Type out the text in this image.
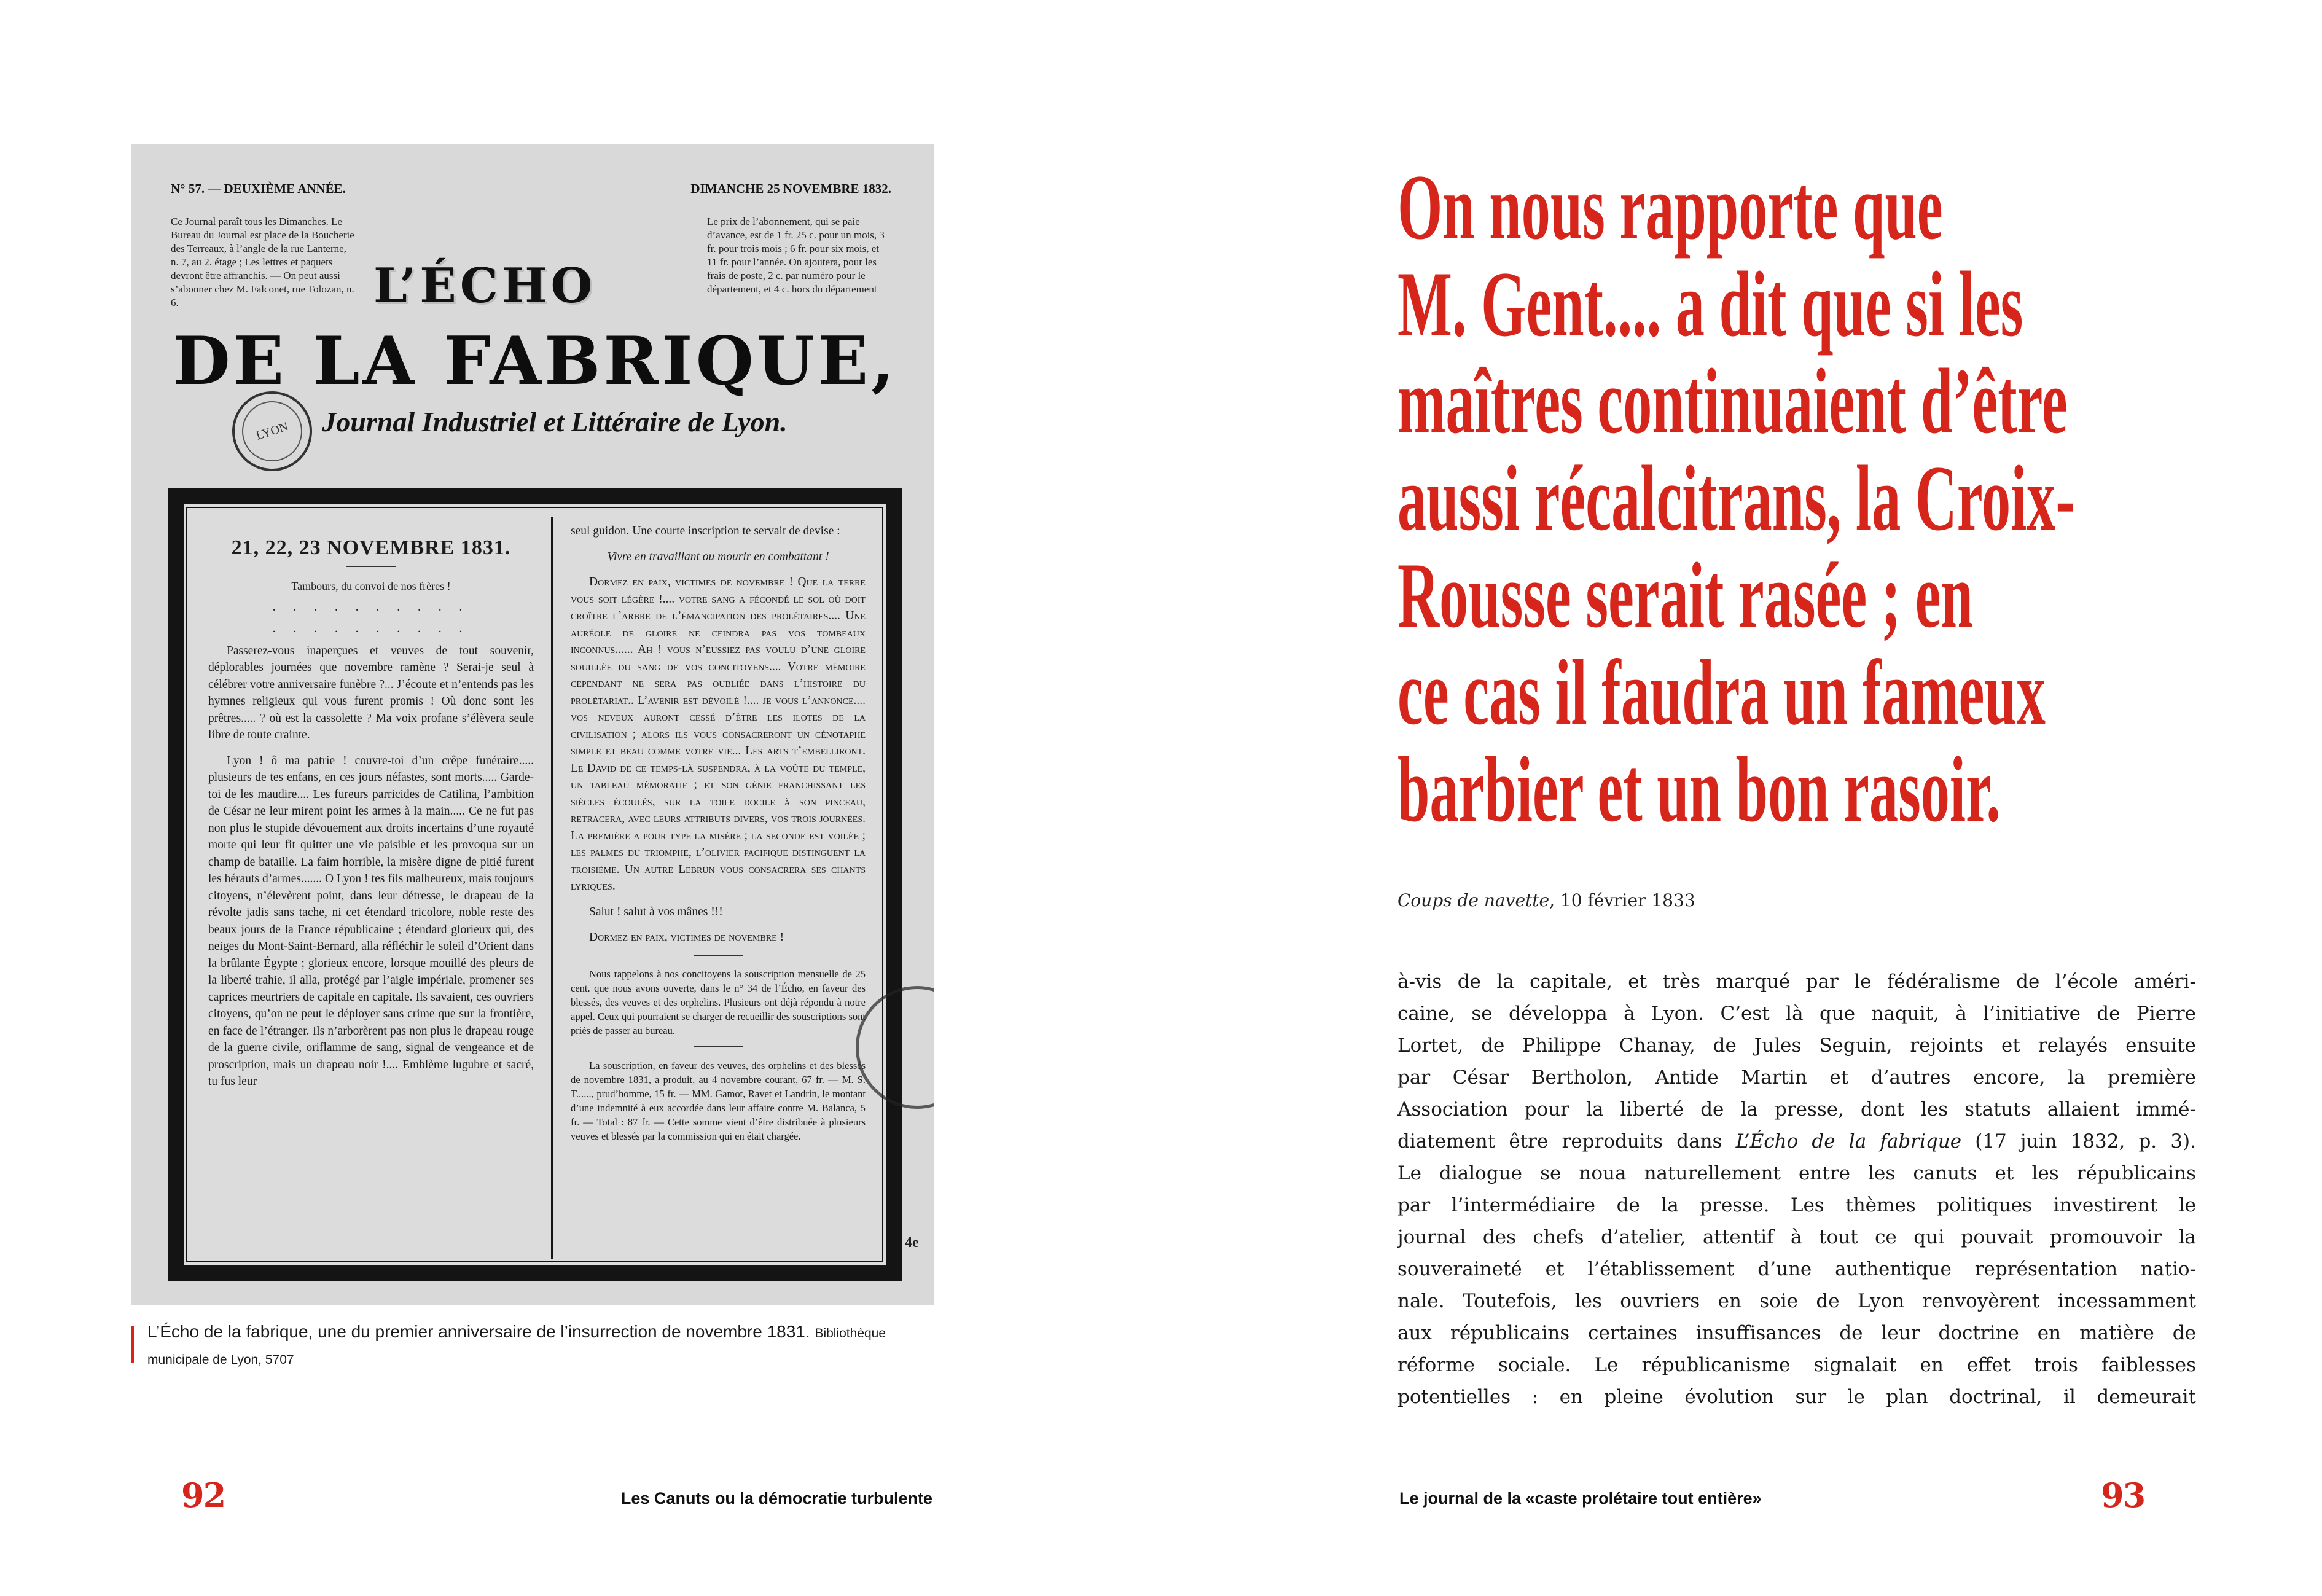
N° 57. — DEUXIÈME ANNÉE.	DIMANCHE 25 NOVEMBRE 1832.
Ce Journal paraît tous les Dimanches. Le Bureau du Journal est place de la Boucherie des Terreaux, à l’angle de la rue Lanterne, n. 7, au 2. étage ; Les lettres et paquets devront être affranchis. — On peut aussi s’abonner chez M. Falconet, rue Tolozan, n. 6.
Le prix de l’abonnement, qui se paie d’avance, est de 1 fr. 25 c. pour un mois, 3 fr. pour trois mois ; 6 fr. pour six mois, et 11 fr. pour l’année. On ajoutera, pour les frais de poste, 2 c. par numéro pour le département, et 4 c. hors du département
L’ÉCHO
DE LA FABRIQUE,
LYON	Journal Industriel et Littéraire de Lyon.

21, 22, 23 NOVEMBRE 1831.

Tambours, du convoi de nos frères !

. . . . . . . . . .

. . . . . . . . . .

Passerez-vous inaperçues et veuves de tout souvenir, déplorables journées que novembre ramène ? Serai-je seul à célébrer votre anniversaire funèbre ?... J’écoute et n’entends pas les hymnes religieux qui vous furent promis ! Où donc sont les prêtres..... ? où est la cassolette ? Ma voix profane s’élèvera seule libre de toute crainte.

Lyon ! ô ma patrie ! couvre-toi d’un crêpe funéraire..... plusieurs de tes enfans, en ces jours néfastes, sont morts..... Garde-toi de les maudire.... Les fureurs parricides de Catilina, l’ambition de César ne leur mirent point les armes à la main..... Ce ne fut pas non plus le stupide dévouement aux droits incertains d’une royauté morte qui leur fit quitter une vie paisible et les provoqua sur un champ de bataille. La faim horrible, la misère digne de pitié furent les hérauts d’armes....... O Lyon ! tes fils malheureux, mais toujours citoyens, n’élevèrent point, dans leur détresse, le drapeau de la révolte jadis sans tache, ni cet étendard tricolore, noble reste des beaux jours de la France républicaine ; étendard glorieux qui, des neiges du Mont-Saint-Bernard, alla réfléchir le soleil d’Orient dans la brûlante Égypte ; glorieux encore, lorsque mouillé des pleurs de la liberté trahie, il alla, protégé par l’aigle impériale, promener ses caprices meurtriers de capitale en capitale. Ils savaient, ces ouvriers citoyens, qu’on ne peut le déployer sans crime que sur la frontière, en face de l’étranger. Ils n’arborèrent pas non plus le drapeau rouge de la guerre civile, oriflamme de sang, signal de vengeance et de proscription, mais un drapeau noir !.... Emblème lugubre et sacré, tu fus leur

seul guidon. Une courte inscription te servait de devise :

Vivre en travaillant ou mourir en combattant !

Dormez en paix, victimes de novembre ! Que la terre vous soit légère !.... votre sang a fécondé le sol où doit croître l’arbre de l’émancipation des prolétaires.... Une auréole de gloire ne ceindra pas vos tombeaux inconnus...... Ah ! vous n’eussiez pas voulu d’une gloire souillée du sang de vos concitoyens.... Votre mémoire cependant ne sera pas oubliée dans l’histoire du prolétariat.. L’avenir est dévoilé !.... je vous l’annonce.... vos neveux auront cessé d’être les ilotes de la civilisation ; alors ils vous consacreront un cénotaphe simple et beau comme votre vie... Les arts t’embelliront. Le David de ce temps-là suspendra, à la voûte du temple, un tableau mémoratif ; et son génie franchissant les siècles écoulés, sur la toile docile à son pinceau, retracera, avec leurs attributs divers, vos trois journées. La première a pour type la misère ; la seconde est voilée ; les palmes du triomphe, l’olivier pacifique distinguent la troisième. Un autre Lebrun vous consacrera ses chants lyriques.

Salut ! salut à vos mânes !!!

Dormez en paix, victimes de novembre !

Nous rappelons à nos concitoyens la souscription mensuelle de 25 cent. que nous avons ouverte, dans le n° 34 de l’Écho, en faveur des blessés, des veuves et des orphelins. Plusieurs ont déjà répondu à notre appel. Ceux qui pourraient se charger de recueillir des souscriptions sont priés de passer au bureau.

La souscription, en faveur des veuves, des orphelins et des blessés de novembre 1831, a produit, au 4 novembre courant, 67 fr. — M. S. T......, prud’homme, 15 fr. — MM. Gamot, Ravet et Landrin, le montant d’une indemnité à eux accordée dans leur affaire contre M. Balanca, 5 fr. — Total : 87 fr. — Cette somme vient d’être distribuée à plusieurs veuves et blessés par la commission qui en était chargée.

4e
L’Écho de la fabrique, une du premier anniversaire de l’insurrection de novembre 1831. Bibliothèque municipale de Lyon, 5707
92	Les Canuts ou la démocratie turbulente
On nous rapporte que
M. Gent.... a dit que si les
maîtres continuaient d’être
aussi récalcitrans, la Croix-
Rousse serait rasée ; en
ce cas il faudra un fameux
barbier et un bon rasoir.
Coups de navette, 10 février 1833
à-vis de la capitale, et très marqué par le fédéralisme de l’école améri-
caine, se développa à Lyon. C’est là que naquit, à l’initiative de Pierre
Lortet, de Philippe Chanay, de Jules Seguin, rejoints et relayés ensuite
par César Bertholon, Antide Martin et d’autres encore, la première
Association pour la liberté de la presse, dont les statuts allaient immé-
diatement être reproduits dans L’Écho de la fabrique (17 juin 1832, p. 3).
Le dialogue se noua naturellement entre les canuts et les républicains
par l’intermédiaire de la presse. Les thèmes politiques investirent le
journal des chefs d’atelier, attentif à tout ce qui pouvait promouvoir la
souveraineté et l’établissement d’une authentique représentation natio-
nale. Toutefois, les ouvriers en soie de Lyon renvoyèrent incessamment
aux républicains certaines insuffisances de leur doctrine en matière de
réforme sociale. Le républicanisme signalait en effet trois faiblesses
potentielles : en pleine évolution sur le plan doctrinal, il demeurait
Le journal de la «caste prolétaire tout entière»	93
